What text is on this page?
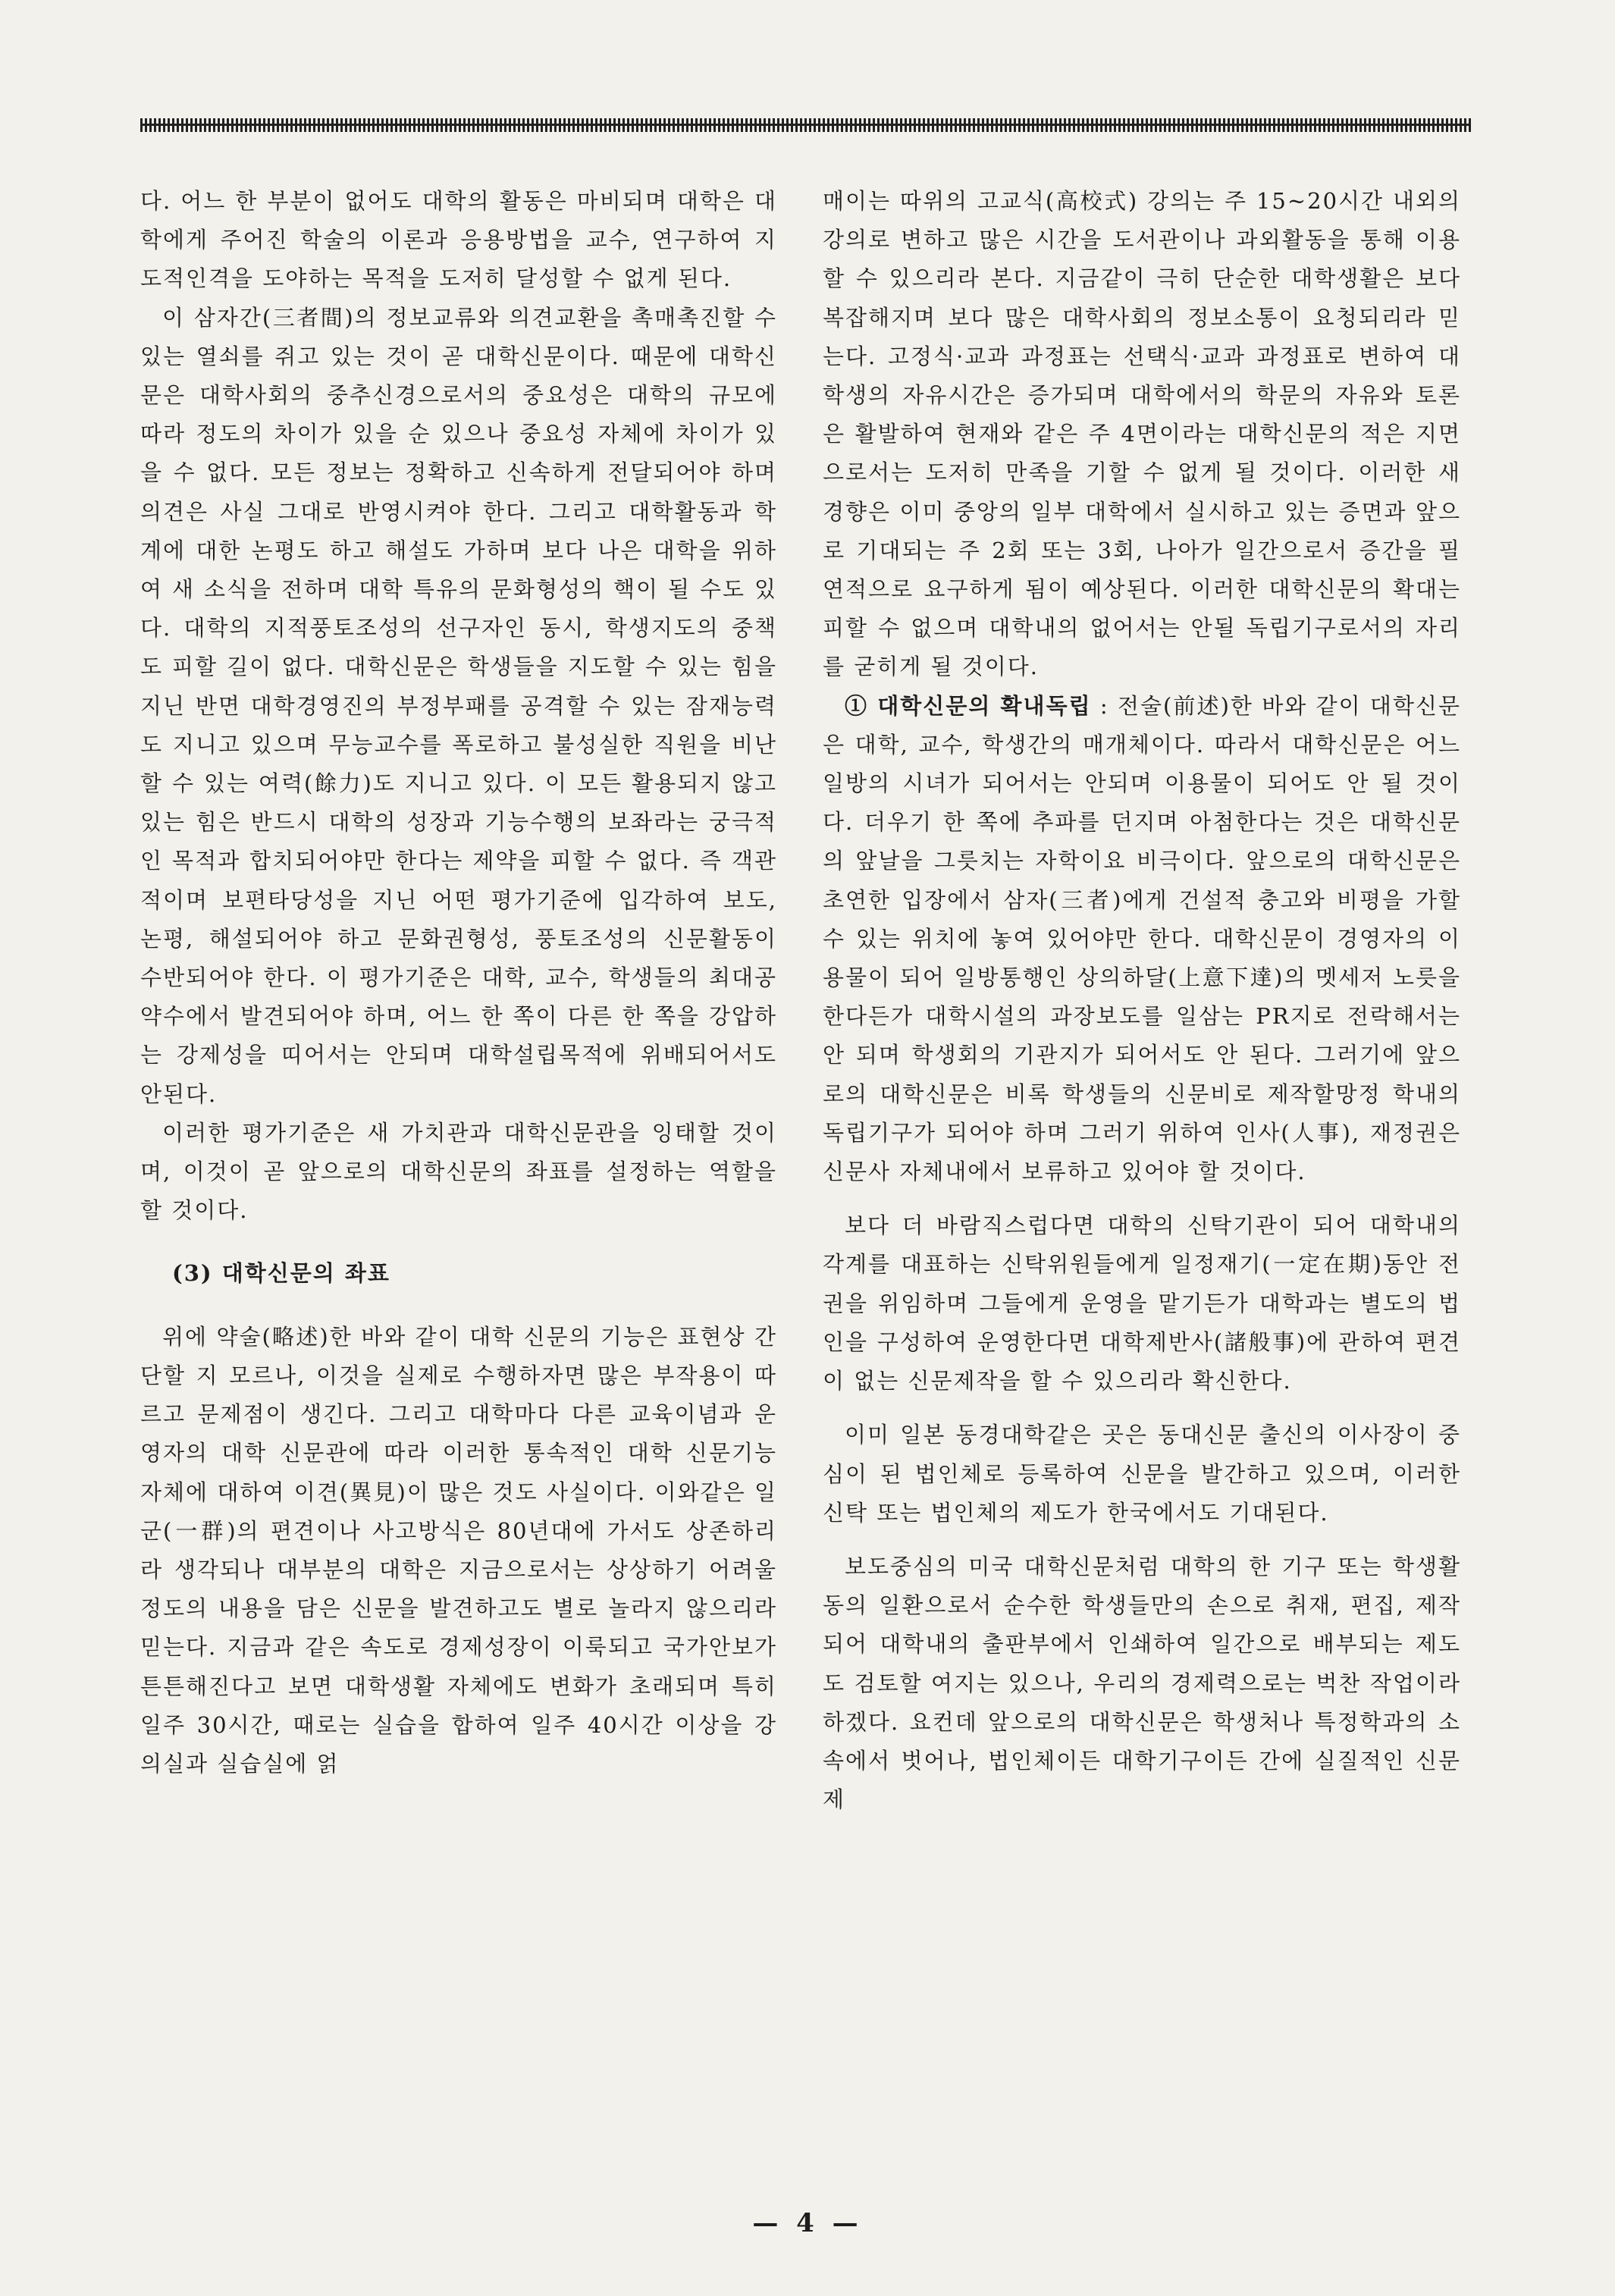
다. 어느 한 부분이 없어도 대학의 활동은 마비되며 대학은 대학에게 주어진 학술의 이론과 응용방법을 교수, 연구하여 지도적인격을 도야하는 목적을 도저히 달성할 수 없게 된다.

이 삼자간(三者間)의 정보교류와 의견교환을 촉매촉진할 수 있는 열쇠를 쥐고 있는 것이 곧 대학신문이다. 때문에 대학신문은 대학사회의 중추신경으로서의 중요성은 대학의 규모에 따라 정도의 차이가 있을 순 있으나 중요성 자체에 차이가 있을 수 없다. 모든 정보는 정확하고 신속하게 전달되어야 하며 의견은 사실 그대로 반영시켜야 한다. 그리고 대학활동과 학계에 대한 논평도 하고 해설도 가하며 보다 나은 대학을 위하여 새 소식을 전하며 대학 특유의 문화형성의 핵이 될 수도 있다. 대학의 지적풍토조성의 선구자인 동시, 학생지도의 중책도 피할 길이 없다. 대학신문은 학생들을 지도할 수 있는 힘을 지닌 반면 대학경영진의 부정부패를 공격할 수 있는 잠재능력도 지니고 있으며 무능교수를 폭로하고 불성실한 직원을 비난할 수 있는 여력(餘力)도 지니고 있다. 이 모든 활용되지 않고 있는 힘은 반드시 대학의 성장과 기능수행의 보좌라는 궁극적인 목적과 합치되어야만 한다는 제약을 피할 수 없다. 즉 객관적이며 보편타당성을 지닌 어떤 평가기준에 입각하여 보도, 논평, 해설되어야 하고 문화권형성, 풍토조성의 신문활동이 수반되어야 한다. 이 평가기준은 대학, 교수, 학생들의 최대공약수에서 발견되어야 하며, 어느 한 쪽이 다른 한 쪽을 강압하는 강제성을 띠어서는 안되며 대학설립목적에 위배되어서도 안된다.

이러한 평가기준은 새 가치관과 대학신문관을 잉태할 것이며, 이것이 곧 앞으로의 대학신문의 좌표를 설정하는 역할을 할 것이다.

(3) 대학신문의 좌표

위에 약술(略述)한 바와 같이 대학 신문의 기능은 표현상 간단할 지 모르나, 이것을 실제로 수행하자면 많은 부작용이 따르고 문제점이 생긴다. 그리고 대학마다 다른 교육이념과 운영자의 대학 신문관에 따라 이러한 통속적인 대학 신문기능 자체에 대하여 이견(異見)이 많은 것도 사실이다. 이와같은 일군(一群)의 편견이나 사고방식은 80년대에 가서도 상존하리라 생각되나 대부분의 대학은 지금으로서는 상상하기 어려울 정도의 내용을 담은 신문을 발견하고도 별로 놀라지 않으리라 믿는다. 지금과 같은 속도로 경제성장이 이룩되고 국가안보가 튼튼해진다고 보면 대학생활 자체에도 변화가 초래되며 특히 일주 30시간, 때로는 실습을 합하여 일주 40시간 이상을 강의실과 실습실에 얽

매이는 따위의 고교식(高校式) 강의는 주 15~20시간 내외의 강의로 변하고 많은 시간을 도서관이나 과외활동을 통해 이용할 수 있으리라 본다. 지금같이 극히 단순한 대학생활은 보다 복잡해지며 보다 많은 대학사회의 정보소통이 요청되리라 믿는다. 고정식·교과 과정표는 선택식·교과 과정표로 변하여 대학생의 자유시간은 증가되며 대학에서의 학문의 자유와 토론은 활발하여 현재와 같은 주 4면이라는 대학신문의 적은 지면으로서는 도저히 만족을 기할 수 없게 될 것이다. 이러한 새 경향은 이미 중앙의 일부 대학에서 실시하고 있는 증면과 앞으로 기대되는 주 2회 또는 3회, 나아가 일간으로서 증간을 필연적으로 요구하게 됨이 예상된다. 이러한 대학신문의 확대는 피할 수 없으며 대학내의 없어서는 안될 독립기구로서의 자리를 굳히게 될 것이다.

① 대학신문의 확내독립 : 전술(前述)한 바와 같이 대학신문은 대학, 교수, 학생간의 매개체이다. 따라서 대학신문은 어느 일방의 시녀가 되어서는 안되며 이용물이 되어도 안 될 것이다. 더우기 한 쪽에 추파를 던지며 아첨한다는 것은 대학신문의 앞날을 그릇치는 자학이요 비극이다. 앞으로의 대학신문은 초연한 입장에서 삼자(三者)에게 건설적 충고와 비평을 가할 수 있는 위치에 놓여 있어야만 한다. 대학신문이 경영자의 이용물이 되어 일방통행인 상의하달(上意下達)의 멧세저 노릇을 한다든가 대학시설의 과장보도를 일삼는 PR지로 전락해서는 안 되며 학생회의 기관지가 되어서도 안 된다. 그러기에 앞으로의 대학신문은 비록 학생들의 신문비로 제작할망정 학내의 독립기구가 되어야 하며 그러기 위하여 인사(人事), 재정권은 신문사 자체내에서 보류하고 있어야 할 것이다.

보다 더 바람직스럽다면 대학의 신탁기관이 되어 대학내의 각계를 대표하는 신탁위원들에게 일정재기(一定在期)동안 전권을 위임하며 그들에게 운영을 맡기든가 대학과는 별도의 법인을 구성하여 운영한다면 대학제반사(諸般事)에 관하여 편견이 없는 신문제작을 할 수 있으리라 확신한다.

이미 일본 동경대학같은 곳은 동대신문 출신의 이사장이 중심이 된 법인체로 등록하여 신문을 발간하고 있으며, 이러한 신탁 또는 법인체의 제도가 한국에서도 기대된다.

보도중심의 미국 대학신문처럼 대학의 한 기구 또는 학생활동의 일환으로서 순수한 학생들만의 손으로 취재, 편집, 제작되어 대학내의 출판부에서 인쇄하여 일간으로 배부되는 제도도 검토할 여지는 있으나, 우리의 경제력으로는 벅찬 작업이라 하겠다. 요컨데 앞으로의 대학신문은 학생처나 특정학과의 소속에서 벗어나, 법인체이든 대학기구이든 간에 실질적인 신문제

— 4 —
